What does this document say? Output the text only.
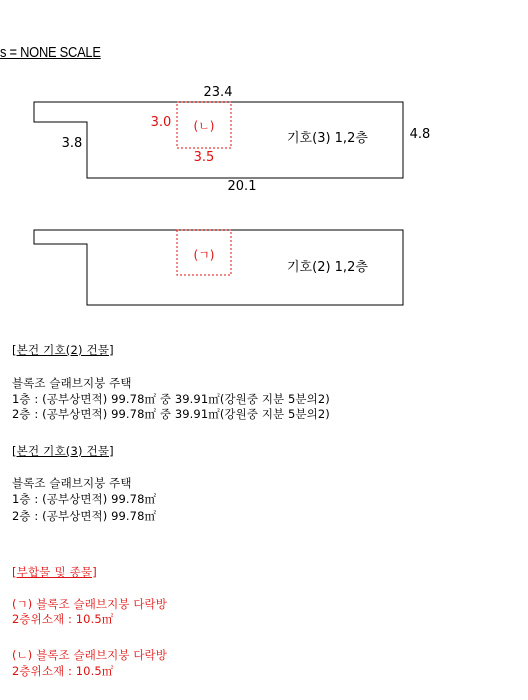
s = NONE SCALE
23.4
3.8
4.8
20.1
3.0
3.5
(ㄴ)
기호(3) 1,2층
(ㄱ)
기호(2) 1,2층
[본건 기호(2) 건물]
블록조 슬래브지붕 주택
1층 : (공부상면적) 99.78㎡ 중 39.91㎡(강원중 지분 5분의2)
2층 : (공부상면적) 99.78㎡ 중 39.91㎡(강원중 지분 5분의2)
[본건 기호(3) 건물]
블록조 슬래브지붕 주택
1층 : (공부상면적) 99.78㎡
2층 : (공부상면적) 99.78㎡
[부합물 및 종물]
(ㄱ) 블록조 슬래브지붕 다락방
2층위소재 : 10.5㎡
(ㄴ) 블록조 슬래브지붕 다락방
2층위소재 : 10.5㎡
